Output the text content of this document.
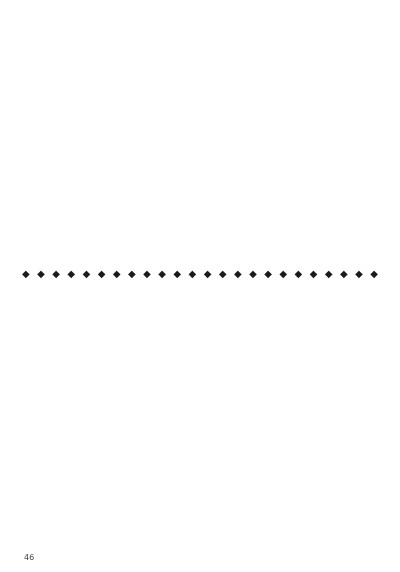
◆ ◆ ◆ ◆ ◆ ◆ ◆ ◆ ◆ ◆ ◆ ◆ ◆ ◆ ◆ ◆ ◆ ◆ ◆ ◆ ◆ ◆ ◆ ◆
46
